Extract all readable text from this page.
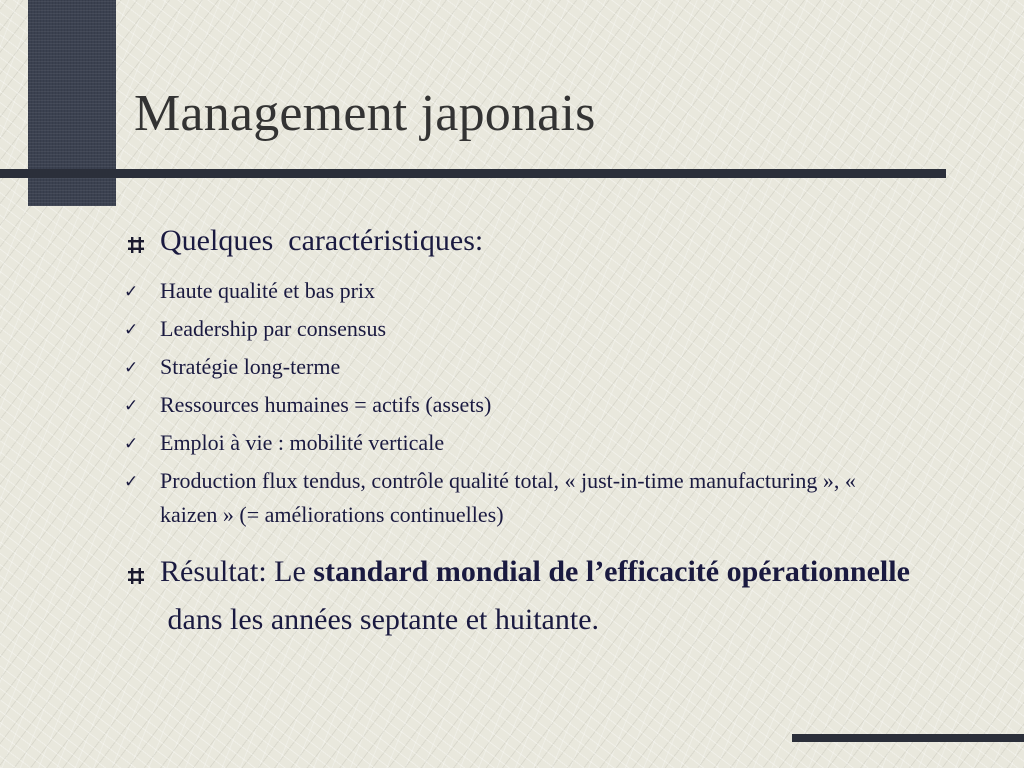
Management japonais
Quelques  caractéristiques:
✓ Haute qualité et bas prix
✓ Leadership par consensus
✓ Stratégie long-terme
✓ Ressources humaines = actifs (assets)
✓ Emploi à vie : mobilité verticale
✓ Production flux tendus, contrôle qualité total, « just-in-time manufacturing », « kaizen » (= améliorations continuelles)
Résultat: Le standard mondial de l’efficacité opérationnelle dans les années septante et huitante.
